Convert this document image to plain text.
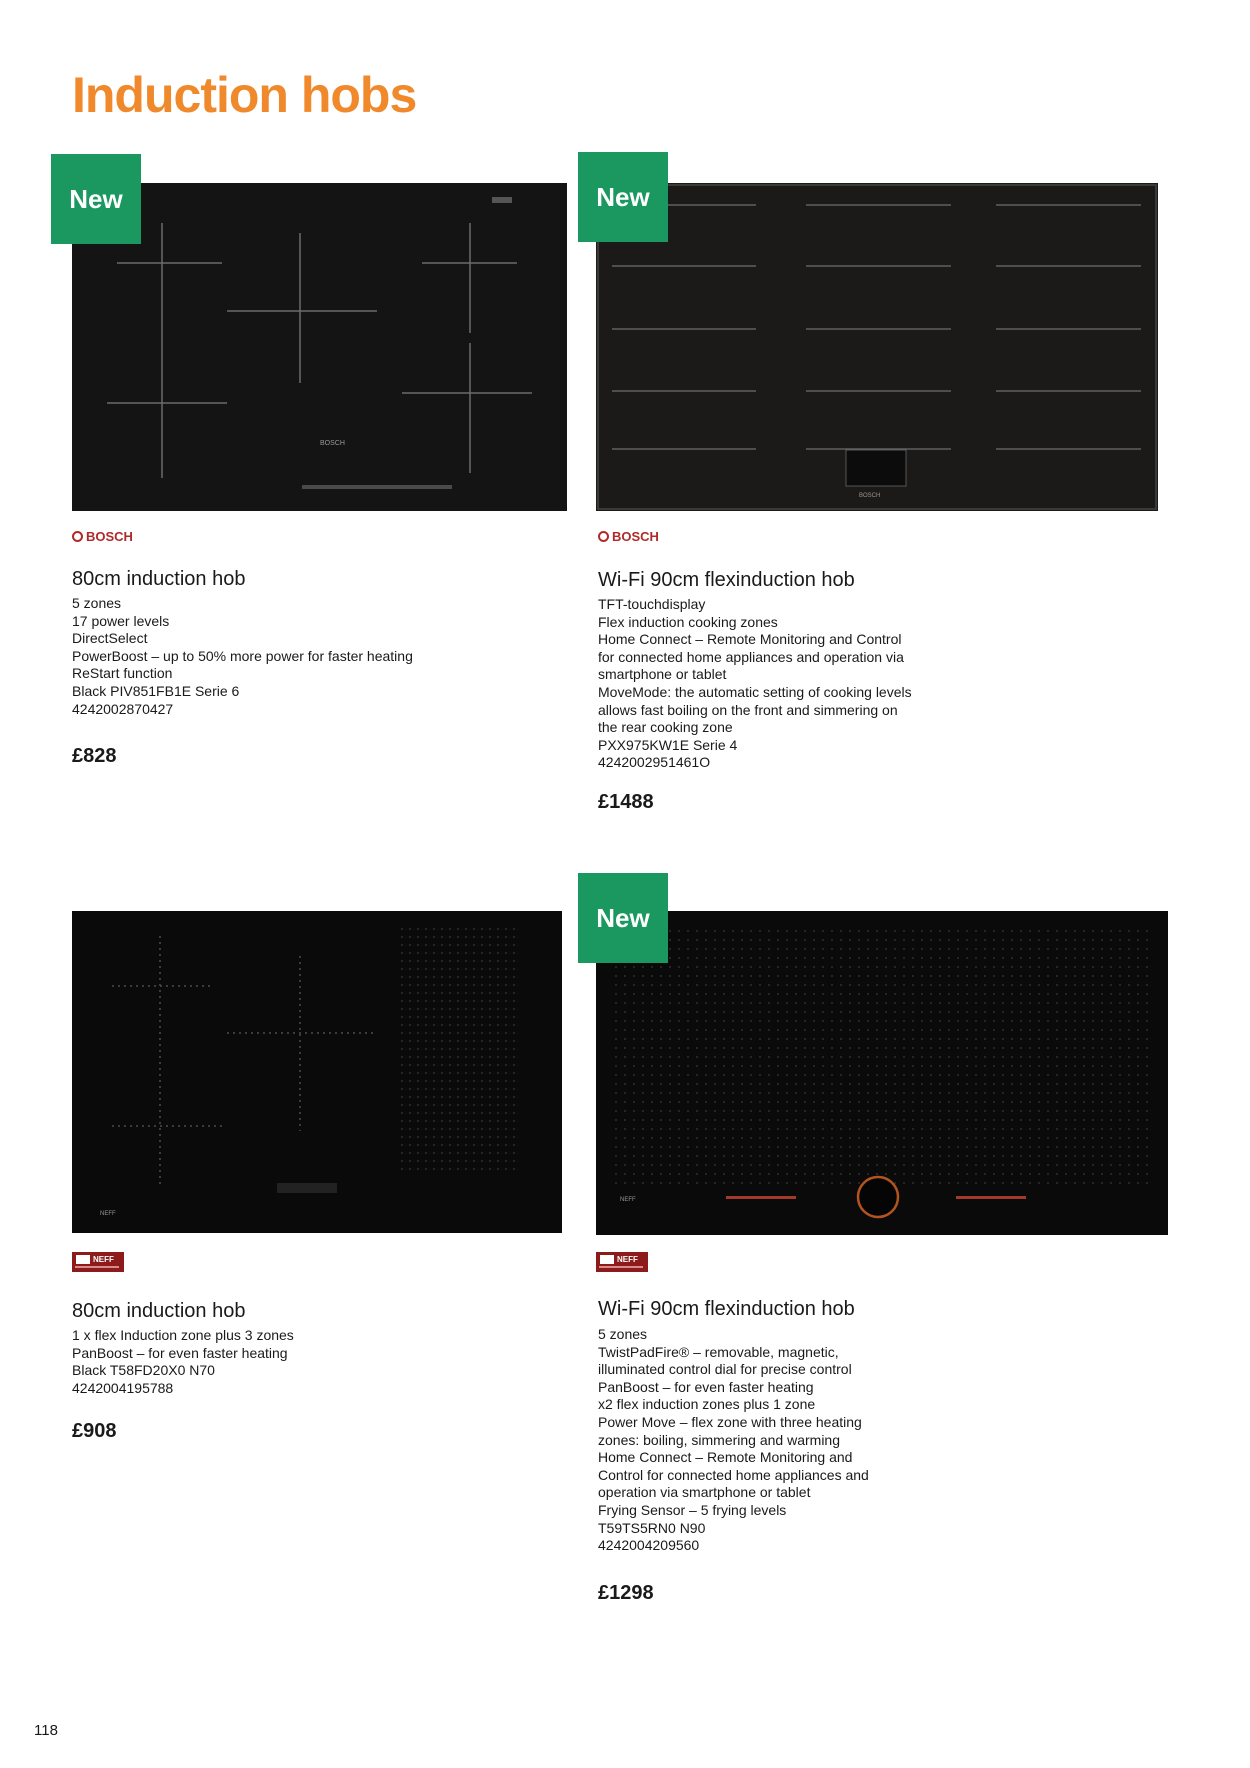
Induction hobs
BOSCH
New
BOSCH
80cm induction hob
5 zones
17 power levels
DirectSelect
PowerBoost – up to 50% more power for faster heating
ReStart function
Black PIV851FB1E Serie 6
4242002870427
£828
BOSCH
New
BOSCH
Wi-Fi 90cm flexinduction hob
TFT-touchdisplay
Flex induction cooking zones
Home Connect – Remote Monitoring and Control
for connected home appliances and operation via
smartphone or tablet
MoveMode: the automatic setting of cooking levels
allows fast boiling on the front and simmering on
the rear cooking zone
PXX975KW1E Serie 4
4242002951461O
£1488
NEFF
NEFF
80cm induction hob
1 x flex Induction zone plus 3 zones
PanBoost – for even faster heating
Black T58FD20X0 N70
4242004195788
£908
NEFF
New
NEFF
Wi-Fi 90cm flexinduction hob
5 zones
TwistPadFire® – removable, magnetic,
illuminated control dial for precise control
PanBoost – for even faster heating
x2 flex induction zones plus 1 zone
Power Move – flex zone with three heating
zones: boiling, simmering and warming
Home Connect – Remote Monitoring and
Control for connected home appliances and
operation via smartphone or tablet
Frying Sensor – 5 frying levels
T59TS5RN0 N90
4242004209560
£1298
118
